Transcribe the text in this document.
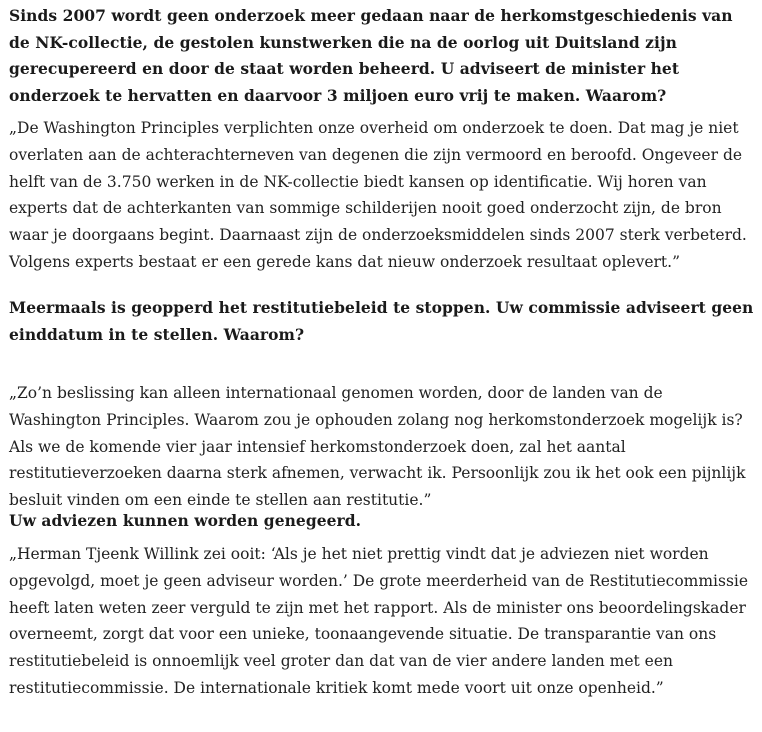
Sinds 2007 wordt geen onderzoek meer gedaan naar de herkomstgeschiedenis van de NK-collectie, de gestolen kunstwerken die na de oorlog uit Duitsland zijn gerecupereerd en door de staat worden beheerd. U adviseert de minister het onderzoek te hervatten en daarvoor 3 miljoen euro vrij te maken. Waarom?

„De Washington Principles verplichten onze overheid om onderzoek te doen. Dat mag je niet overlaten aan de achterachterneven van degenen die zijn vermoord en beroofd. Ongeveer de helft van de 3.750 werken in de NK-collectie biedt kansen op identificatie. Wij horen van experts dat de achterkanten van sommige schilderijen nooit goed onderzocht zijn, de bron waar je doorgaans begint. Daarnaast zijn de onderzoeksmiddelen sinds 2007 sterk verbeterd. Volgens experts bestaat er een gerede kans dat nieuw onderzoek resultaat oplevert.”

Meermaals is geopperd het restitutiebeleid te stoppen. Uw commissie adviseert geen einddatum in te stellen. Waarom?

„Zo’n beslissing kan alleen internationaal genomen worden, door de landen van de Washington Principles. Waarom zou je ophouden zolang nog herkomstonderzoek mogelijk is? Als we de komende vier jaar intensief herkomstonderzoek doen, zal het aantal restitutieverzoeken daarna sterk afnemen, verwacht ik. Persoonlijk zou ik het ook een pijnlijk besluit vinden om een einde te stellen aan restitutie.”

Uw adviezen kunnen worden genegeerd.

„Herman Tjeenk Willink zei ooit: ‘Als je het niet prettig vindt dat je adviezen niet worden opgevolgd, moet je geen adviseur worden.’ De grote meerderheid van de Restitutiecommissie heeft laten weten zeer verguld te zijn met het rapport. Als de minister ons beoordelingskader overneemt, zorgt dat voor een unieke, toonaangevende situatie. De transparantie van ons restitutiebeleid is onnoemlijk veel groter dan dat van de vier andere landen met een restitutiecommissie. De internationale kritiek komt mede voort uit onze openheid.”
